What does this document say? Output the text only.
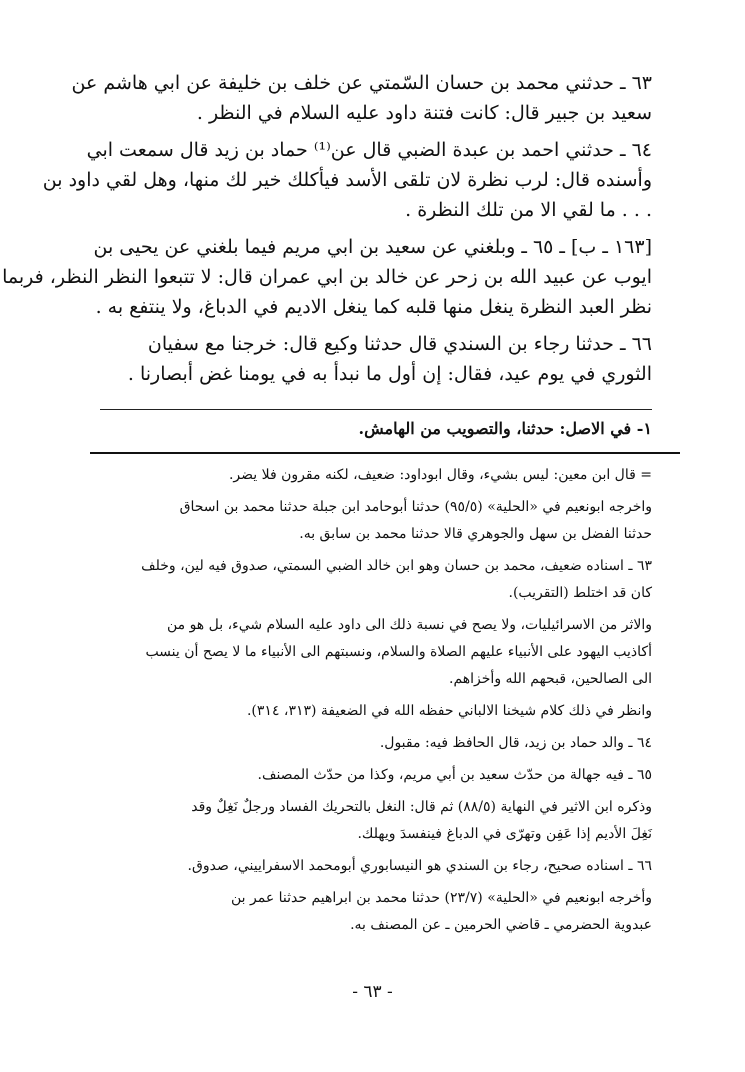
٦٣ ـ حدثني محمد بن حسان السّمتي عن خلف بن خليفة عن ابي هاشم عن
سعيد بن جبير قال: كانت فتنة داود عليه السلام في النظر .

٦٤ ـ حدثني احمد بن عبدة الضبي قال عن⁽¹⁾ حماد بن زيد قال سمعت ابي
وأسنده قال: لرب نظرة لان تلقى الأسد فيأكلك خير لك منها، وهل لقي داود بن
. . . ما لقي الا من تلك النظرة .

[١٦٣ ـ ب] ـ ٦٥ ـ وبلغني عن سعيد بن ابي مريم فيما بلغني عن يحيى بن
ايوب عن عبيد الله بن زحر عن خالد بن ابي عمران قال: لا تتبعوا النظر النظر، فربما
نظر العبد النظرة ينغل منها قلبه كما ينغل الاديم في الدباغ، ولا ينتفع به .

٦٦ ـ حدثنا رجاء بن السندي قال حدثنا وكيع قال: خرجنا مع سفيان
الثوري في يوم عيد، فقال: إن أول ما نبدأ به في يومنا غض أبصارنا .

١- في الاصل: حدثنا، والتصويب من الهامش.

= قال ابن معين: ليس بشيء، وقال ابوداود: ضعيف، لكنه مقرون فلا يضر.

واخرجه ابونعيم في «الحلية» (٩٥/٥) حدثنا أبوحامد ابن جبلة حدثنا محمد بن اسحاق
حدثنا الفضل بن سهل والجوهري قالا حدثنا محمد بن سابق به.

٦٣ ـ اسناده ضعيف، محمد بن حسان وهو ابن خالد الضبي السمتي، صدوق فيه لين، وخلف
كان قد اختلط (التقريب).

والاثر من الاسرائيليات، ولا يصح في نسبة ذلك الى داود عليه السلام شيء، بل هو من
أكاذيب اليهود على الأنبياء عليهم الصلاة والسلام، ونسبتهم الى الأنبياء ما لا يصح أن ينسب
الى الصالحين، قبحهم الله وأخزاهم.

وانظر في ذلك كلام شيخنا الالباني حفظه الله في الضعيفة (٣١٣، ٣١٤).

٦٤ ـ والد حماد بن زيد، قال الحافظ فيه: مقبول.

٦٥ ـ فيه جهالة من حدّث سعيد بن أبي مريم، وكذا من حدّث المصنف.

وذكره ابن الاثير في النهاية (٨٨/٥) ثم قال: النغل بالتحريك الفساد ورجلٌ نَغِلٌ وقد
نَغِلَ الأديم إذا عَفِن وتهرّى في الدباغ فينفسدَ ويهلك.

٦٦ ـ اسناده صحيح، رجاء بن السندي هو النيسابوري أبومحمد الاسفراييني، صدوق.

وأخرجه ابونعيم في «الحلية» (٢٣/٧) حدثنا محمد بن ابراهيم حدثنا عمر بن
عبدوية الحضرمي ـ قاضي الحرمين ـ عن المصنف به.

- ٦٣ -
